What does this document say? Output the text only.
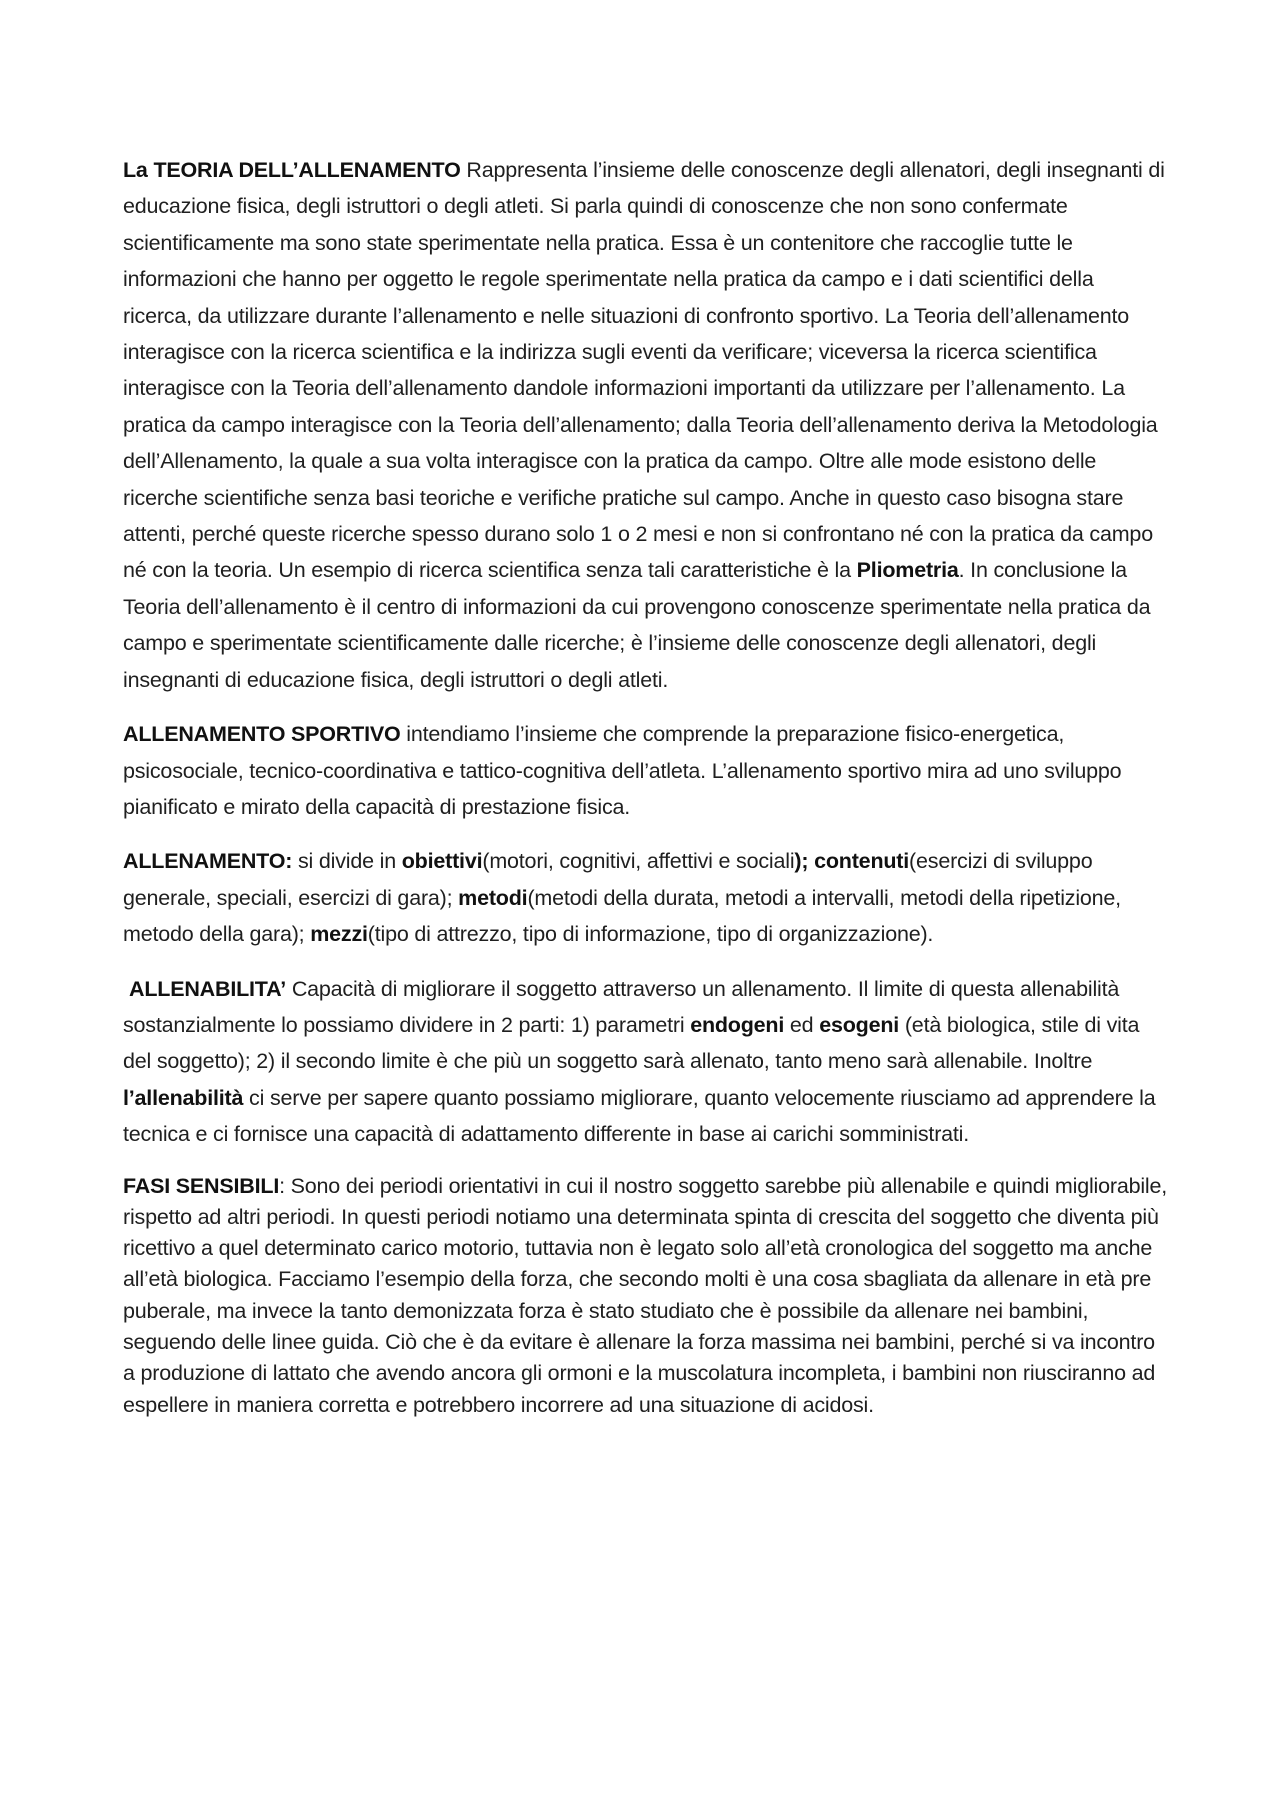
La TEORIA DELL’ALLENAMENTO Rappresenta l’insieme delle conoscenze degli allenatori, degli insegnanti di educazione fisica, degli istruttori o degli atleti. Si parla quindi di conoscenze che non sono confermate scientificamente ma sono state sperimentate nella pratica. Essa è un contenitore che raccoglie tutte le informazioni che hanno per oggetto le regole sperimentate nella pratica da campo e i dati scientifici della ricerca, da utilizzare durante l’allenamento e nelle situazioni di confronto sportivo. La Teoria dell’allenamento interagisce con la ricerca scientifica e la indirizza sugli eventi da verificare; viceversa la ricerca scientifica interagisce con la Teoria dell’allenamento dandole informazioni importanti da utilizzare per l’allenamento. La pratica da campo interagisce con la Teoria dell’allenamento; dalla Teoria dell’allenamento deriva la Metodologia dell’Allenamento, la quale a sua volta interagisce con la pratica da campo. Oltre alle mode esistono delle ricerche scientifiche senza basi teoriche e verifiche pratiche sul campo. Anche in questo caso bisogna stare attenti, perché queste ricerche spesso durano solo 1 o 2 mesi e non si confrontano né con la pratica da campo né con la teoria. Un esempio di ricerca scientifica senza tali caratteristiche è la Pliometria. In conclusione la Teoria dell’allenamento è il centro di informazioni da cui provengono conoscenze sperimentate nella pratica da campo e sperimentate scientificamente dalle ricerche; è l’insieme delle conoscenze degli allenatori, degli insegnanti di educazione fisica, degli istruttori o degli atleti.

ALLENAMENTO SPORTIVO intendiamo l’insieme che comprende la preparazione fisico-energetica, psicosociale, tecnico-coordinativa e tattico-cognitiva dell’atleta. L’allenamento sportivo mira ad uno sviluppo pianificato e mirato della capacità di prestazione fisica.

ALLENAMENTO: si divide in obiettivi(motori, cognitivi, affettivi e sociali); contenuti(esercizi di sviluppo generale, speciali, esercizi di gara); metodi(metodi della durata, metodi a intervalli, metodi della ripetizione, metodo della gara); mezzi(tipo di attrezzo, tipo di informazione, tipo di organizzazione).

ALLENABILITA’ Capacità di migliorare il soggetto attraverso un allenamento. Il limite di questa allenabilità sostanzialmente lo possiamo dividere in 2 parti: 1) parametri endogeni ed esogeni (età biologica, stile di vita del soggetto); 2) il secondo limite è che più un soggetto sarà allenato, tanto meno sarà allenabile. Inoltre l’allenabilità ci serve per sapere quanto possiamo migliorare, quanto velocemente riusciamo ad apprendere la tecnica e ci fornisce una capacità di adattamento differente in base ai carichi somministrati.

FASI SENSIBILI: Sono dei periodi orientativi in cui il nostro soggetto sarebbe più allenabile e quindi migliorabile, rispetto ad altri periodi. In questi periodi notiamo una determinata spinta di crescita del soggetto che diventa più ricettivo a quel determinato carico motorio, tuttavia non è legato solo all’età cronologica del soggetto ma anche all’età biologica. Facciamo l’esempio della forza, che secondo molti è una cosa sbagliata da allenare in età pre puberale, ma invece la tanto demonizzata forza è stato studiato che è possibile da allenare nei bambini, seguendo delle linee guida. Ciò che è da evitare è allenare la forza massima nei bambini, perché si va incontro a produzione di lattato che avendo ancora gli ormoni e la muscolatura incompleta, i bambini non riusciranno ad espellere in maniera corretta e potrebbero incorrere ad una situazione di acidosi.
